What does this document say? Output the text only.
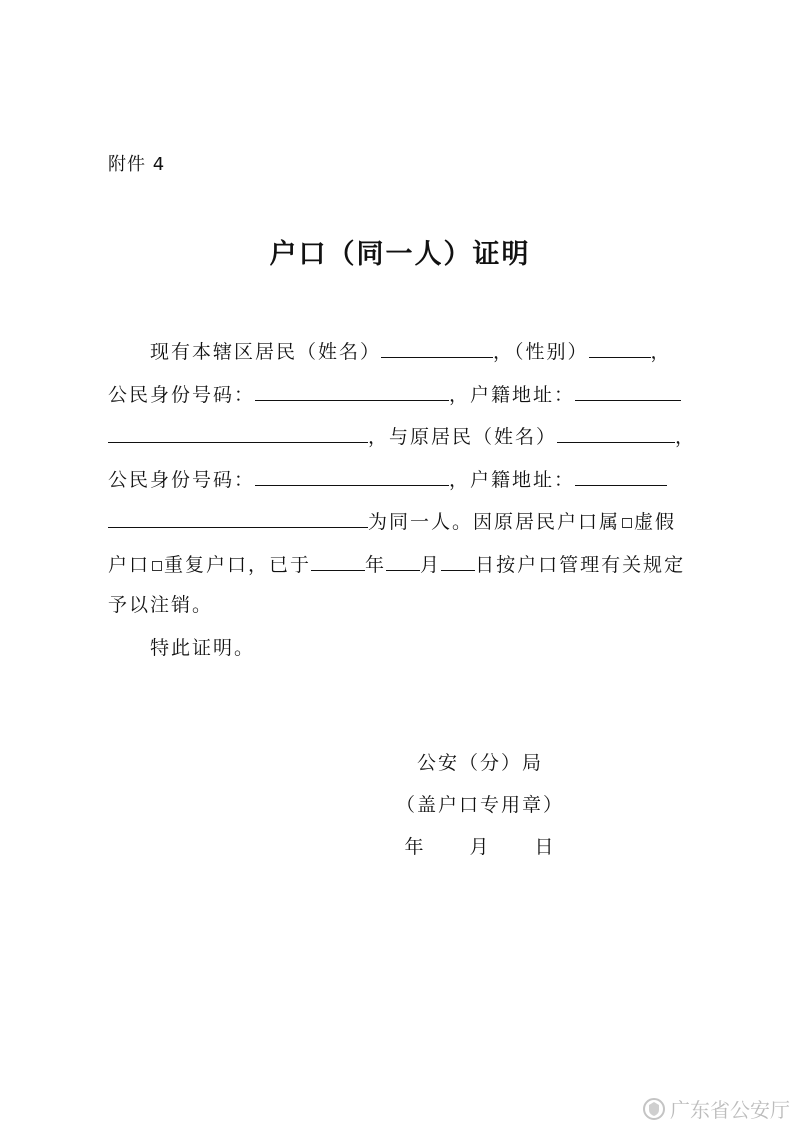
附件 4
户口（同一人）证明
现有本辖区居民（姓名）	，（性别）	，
公民身份号码：	，户籍地址：
，与原居民（姓名）	，
公民身份号码：	，户籍地址：
为同一人。因原居民户口属 虚假
户口 重复户口，已于	年 月 日按户口管理有关规定
予以注销。
特此证明。
公安（分）局
（盖户口专用章）
年 月 日
广东省公安厅
